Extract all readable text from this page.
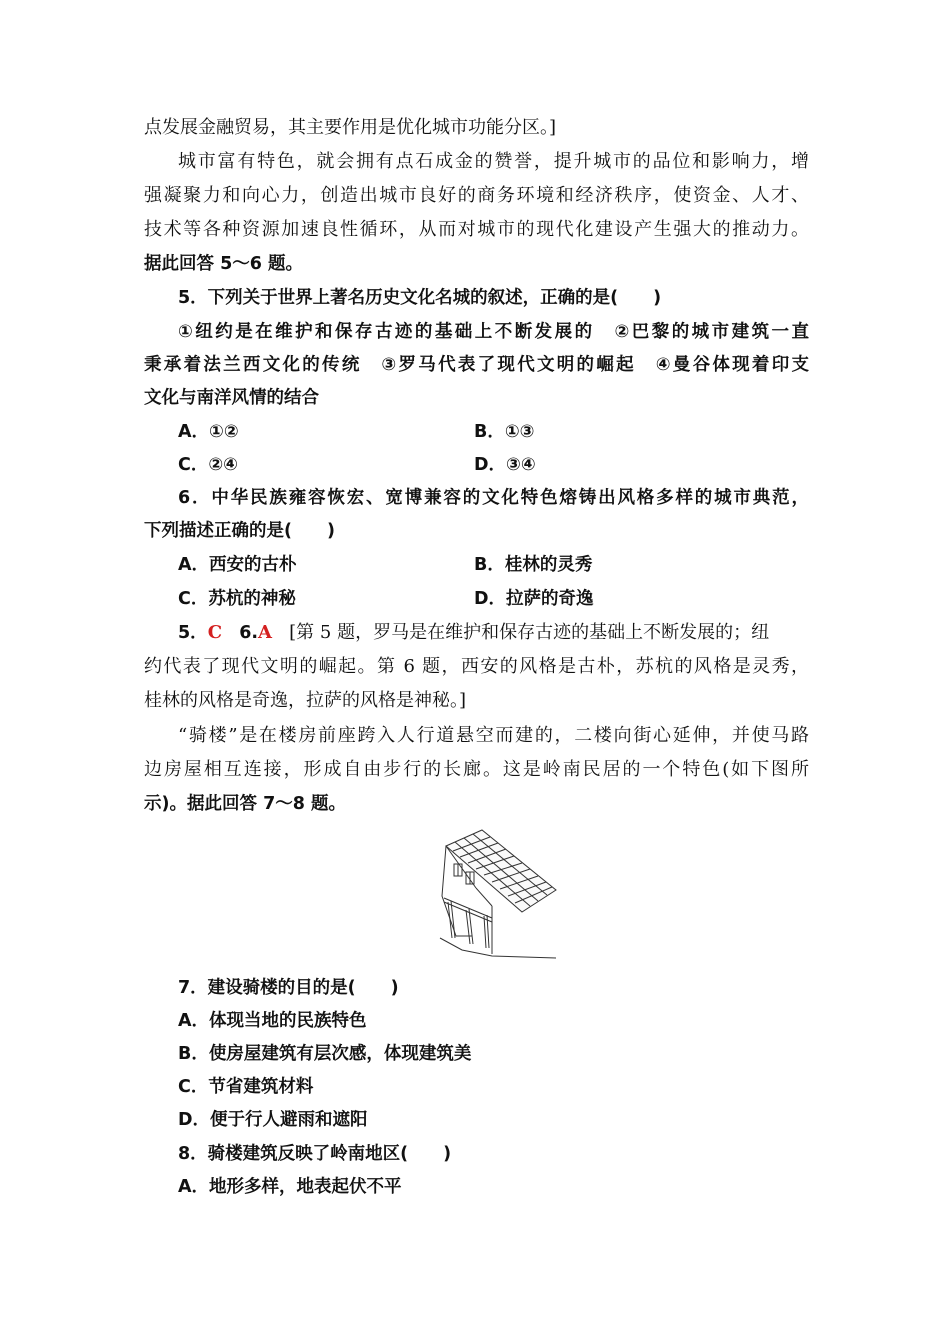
点发展金融贸易，其主要作用是优化城市功能分区。]
城市富有特色，就会拥有点石成金的赞誉，提升城市的品位和影响力，增
强凝聚力和向心力，创造出城市良好的商务环境和经济秩序，使资金、人才、
技术等各种资源加速良性循环，从而对城市的现代化建设产生强大的推动力。
据此回答 5～6 题。
5．下列关于世界上著名历史文化名城的叙述，正确的是(　　)
①纽约是在维护和保存古迹的基础上不断发展的　②巴黎的城市建筑一直
秉承着法兰西文化的传统　③罗马代表了现代文明的崛起　④曼谷体现着印支
文化与南洋风情的结合
A．①②	B．①③
C．②④	D．③④
6．中华民族雍容恢宏、宽博兼容的文化特色熔铸出风格多样的城市典范，
下列描述正确的是(　　)
A．西安的古朴	B．桂林的灵秀
C．苏杭的神秘	D．拉萨的奇逸
5．C 6.A [第 5 题，罗马是在维护和保存古迹的基础上不断发展的；纽
约代表了现代文明的崛起。第 6 题，西安的风格是古朴，苏杭的风格是灵秀，
桂林的风格是奇逸，拉萨的风格是神秘。]
“骑楼”是在楼房前座跨入人行道悬空而建的，二楼向街心延伸，并使马路
边房屋相互连接，形成自由步行的长廊。这是岭南民居的一个特色(如下图所
示)。据此回答 7～8 题。
7．建设骑楼的目的是(　　)
A．体现当地的民族特色
B．使房屋建筑有层次感，体现建筑美
C．节省建筑材料
D．便于行人避雨和遮阳
8．骑楼建筑反映了岭南地区(　　)
A．地形多样，地表起伏不平
